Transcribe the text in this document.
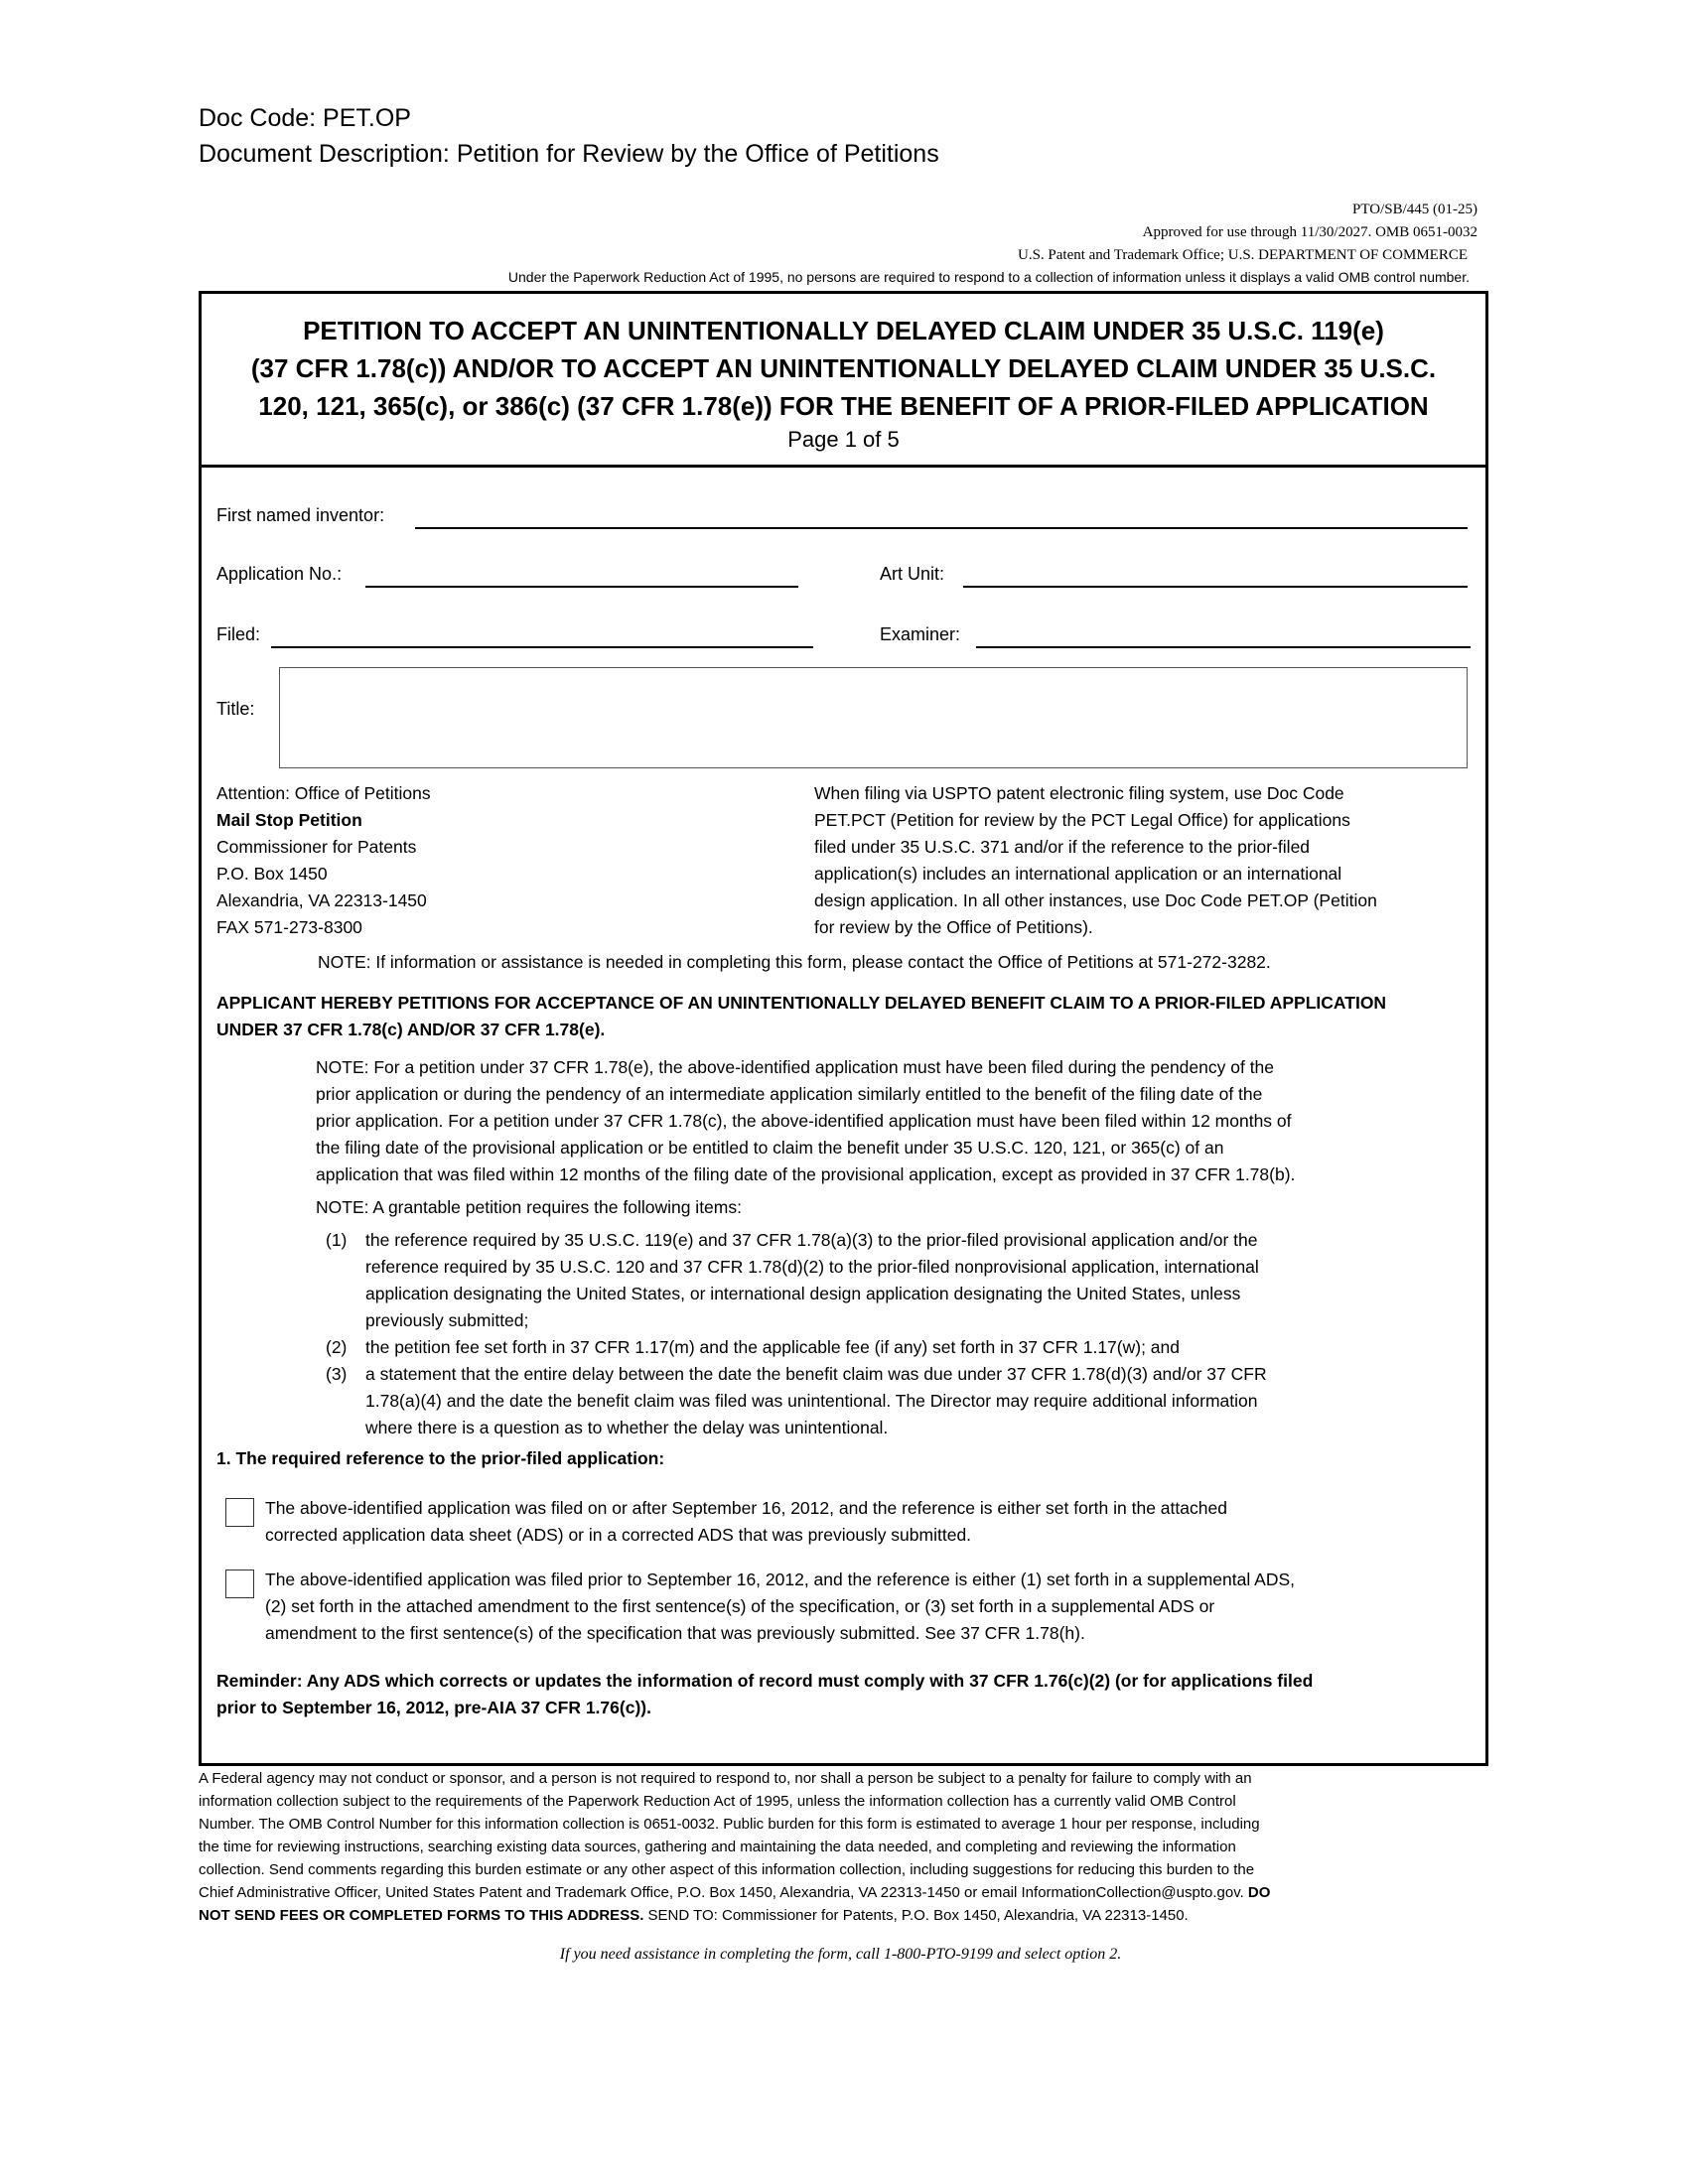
Doc Code: PET.OP
Document Description: Petition for Review by the Office of Petitions
PTO/SB/445 (01-25)
Approved for use through 11/30/2027. OMB 0651-0032
U.S. Patent and Trademark Office; U.S. DEPARTMENT OF COMMERCE
Under the Paperwork Reduction Act of 1995, no persons are required to respond to a collection of information unless it displays a valid OMB control number.
PETITION TO ACCEPT AN UNINTENTIONALLY DELAYED CLAIM UNDER 35 U.S.C. 119(e)
(37 CFR 1.78(c)) AND/OR TO ACCEPT AN UNINTENTIONALLY DELAYED CLAIM UNDER 35 U.S.C.
120, 121, 365(c), or 386(c) (37 CFR 1.78(e)) FOR THE BENEFIT OF A PRIOR-FILED APPLICATION
Page 1 of 5
First named inventor:
Application No.:	Art Unit:
Filed:	Examiner:
Title:
Attention: Office of Petitions
Mail Stop Petition
Commissioner for Patents
P.O. Box 1450
Alexandria, VA 22313-1450
FAX 571-273-8300
When filing via USPTO patent electronic filing system, use Doc Code
PET.PCT (Petition for review by the PCT Legal Office) for applications
filed under 35 U.S.C. 371 and/or if the reference to the prior-filed
application(s) includes an international application or an international
design application. In all other instances, use Doc Code PET.OP (Petition
for review by the Office of Petitions).
NOTE: If information or assistance is needed in completing this form, please contact the Office of Petitions at 571-272-3282.
APPLICANT HEREBY PETITIONS FOR ACCEPTANCE OF AN UNINTENTIONALLY DELAYED BENEFIT CLAIM TO A PRIOR-FILED APPLICATION
UNDER 37 CFR 1.78(c) AND/OR 37 CFR 1.78(e).
NOTE: For a petition under 37 CFR 1.78(e), the above-identified application must have been filed during the pendency of the
prior application or during the pendency of an intermediate application similarly entitled to the benefit of the filing date of the
prior application. For a petition under 37 CFR 1.78(c), the above-identified application must have been filed within 12 months of
the filing date of the provisional application or be entitled to claim the benefit under 35 U.S.C. 120, 121, or 365(c) of an
application that was filed within 12 months of the filing date of the provisional application, except as provided in 37 CFR 1.78(b).
NOTE: A grantable petition requires the following items:
(1) the reference required by 35 U.S.C. 119(e) and 37 CFR 1.78(a)(3) to the prior-filed provisional application and/or the
reference required by 35 U.S.C. 120 and 37 CFR 1.78(d)(2) to the prior-filed nonprovisional application, international
application designating the United States, or international design application designating the United States, unless
previously submitted;
(2) the petition fee set forth in 37 CFR 1.17(m) and the applicable fee (if any) set forth in 37 CFR 1.17(w); and
(3) a statement that the entire delay between the date the benefit claim was due under 37 CFR 1.78(d)(3) and/or 37 CFR
1.78(a)(4) and the date the benefit claim was filed was unintentional. The Director may require additional information
where there is a question as to whether the delay was unintentional.
1. The required reference to the prior-filed application:
The above-identified application was filed on or after September 16, 2012, and the reference is either set forth in the attached
corrected application data sheet (ADS) or in a corrected ADS that was previously submitted.
The above-identified application was filed prior to September 16, 2012, and the reference is either (1) set forth in a supplemental ADS,
(2) set forth in the attached amendment to the first sentence(s) of the specification, or (3) set forth in a supplemental ADS or
amendment to the first sentence(s) of the specification that was previously submitted. See 37 CFR 1.78(h).
Reminder: Any ADS which corrects or updates the information of record must comply with 37 CFR 1.76(c)(2) (or for applications filed
prior to September 16, 2012, pre-AIA 37 CFR 1.76(c)).
A Federal agency may not conduct or sponsor, and a person is not required to respond to, nor shall a person be subject to a penalty for failure to comply with an
information collection subject to the requirements of the Paperwork Reduction Act of 1995, unless the information collection has a currently valid OMB Control
Number. The OMB Control Number for this information collection is 0651-0032. Public burden for this form is estimated to average 1 hour per response, including
the time for reviewing instructions, searching existing data sources, gathering and maintaining the data needed, and completing and reviewing the information
collection. Send comments regarding this burden estimate or any other aspect of this information collection, including suggestions for reducing this burden to the
Chief Administrative Officer, United States Patent and Trademark Office, P.O. Box 1450, Alexandria, VA 22313-1450 or email InformationCollection@uspto.gov. DO
NOT SEND FEES OR COMPLETED FORMS TO THIS ADDRESS. SEND TO: Commissioner for Patents, P.O. Box 1450, Alexandria, VA 22313-1450.
If you need assistance in completing the form, call 1-800-PTO-9199 and select option 2.
